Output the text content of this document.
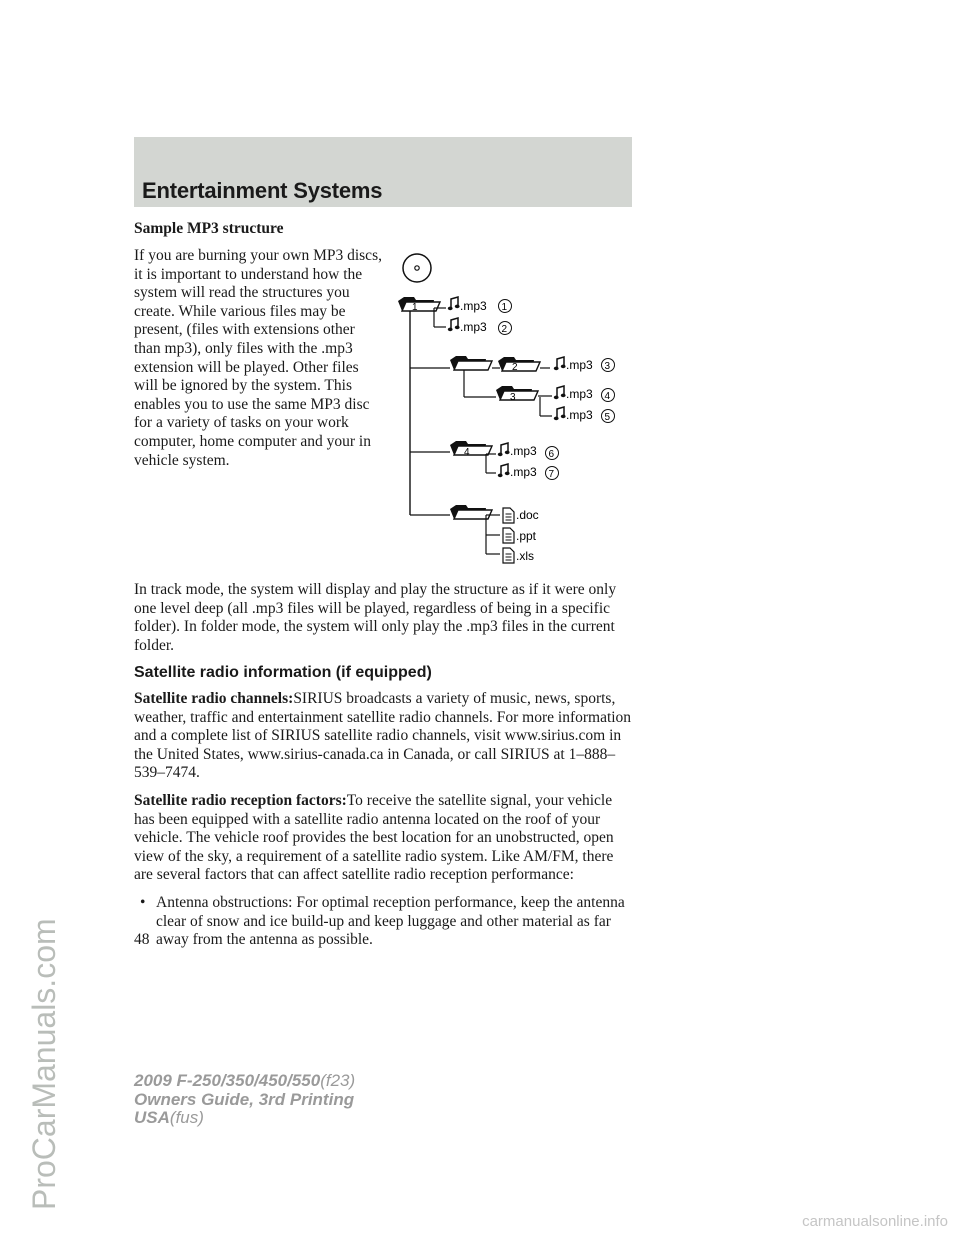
Entertainment Systems
ProCarManuals.com
carmanualsonline.info
Sample MP3 structure
If you are burning your own MP3 discs, it is important to understand how the system will read the structures you create. While various files may be present, (files with extensions other than mp3), only files with the .mp3 extension will be played. Other files will be ignored by the system. This enables you to use the same MP3 disc for a variety of tasks on your work computer, home computer and your in vehicle system.
1	.mp3 1
.mp3 2
2	.mp3 3
3	.mp3 4
.mp3 5
4	.mp3 6
.mp3 7
.doc
.ppt
.xls

In track mode, the system will display and play the structure as if it were only one level deep (all .mp3 files will be played, regardless of being in a specific folder). In folder mode, the system will only play the .mp3 files in the current folder.

Satellite radio information (if equipped)

Satellite radio channels:SIRIUS broadcasts a variety of music, news, sports, weather, traffic and entertainment satellite radio channels. For more information and a complete list of SIRIUS satellite radio channels, visit www.sirius.com in the United States, www.sirius-canada.ca in Canada, or call SIRIUS at 1–888–539–7474.

Satellite radio reception factors:To receive the satellite signal, your vehicle has been equipped with a satellite radio antenna located on the roof of your vehicle. The vehicle roof provides the best location for an unobstructed, open view of the sky, a requirement of a satellite radio system. Like AM/FM, there are several factors that can affect satellite radio reception performance:

• Antenna obstructions: For optimal reception performance, keep the antenna clear of snow and ice build-up and keep luggage and other material as far away from the antenna as possible.

48
2009 F-250/350/450/550(f23)
Owners Guide, 3rd Printing
USA(fus)
